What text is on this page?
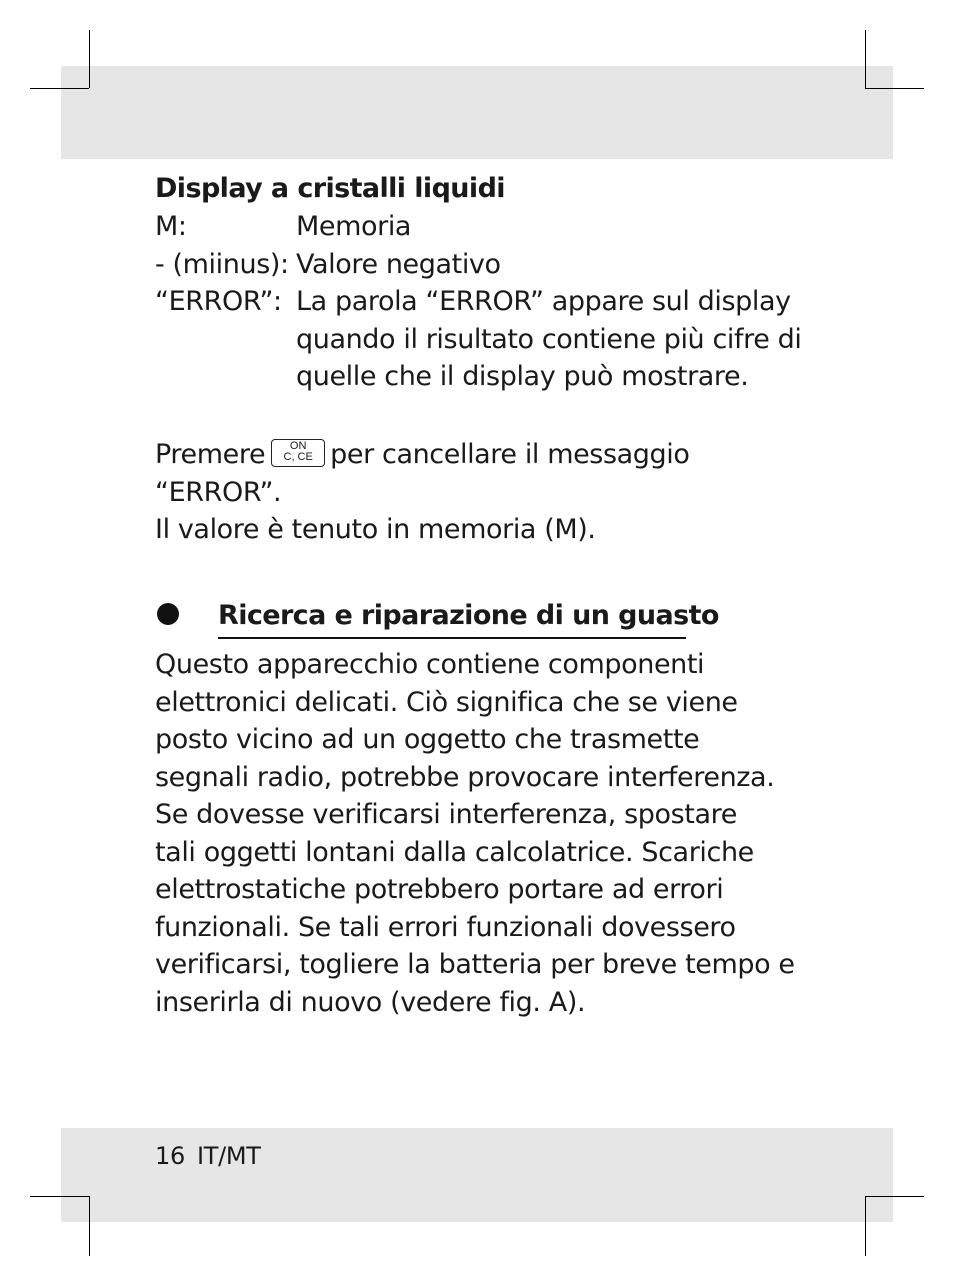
Display a cristalli liquidi
M:	Memoria
- (miinus): Valore negativo
“ERROR”: La parola “ERROR” appare sul display
quando il risultato contiene più cifre di
quelle che il display può mostrare.
Premere	ON
C, CE per cancellare il messaggio
“ERROR”.
Il valore è tenuto in memoria (M).
Ricerca e riparazione di un guasto
Questo apparecchio contiene componenti
elettronici delicati. Ciò significa che se viene
posto vicino ad un oggetto che trasmette
segnali radio, potrebbe provocare interferenza.
Se dovesse verificarsi interferenza, spostare
tali oggetti lontani dalla calcolatrice. Scariche
elettrostatiche potrebbero portare ad errori
funzionali. Se tali errori funzionali dovessero
verificarsi, togliere la batteria per breve tempo e
inserirla di nuovo (vedere fig. A).
16 IT/MT
